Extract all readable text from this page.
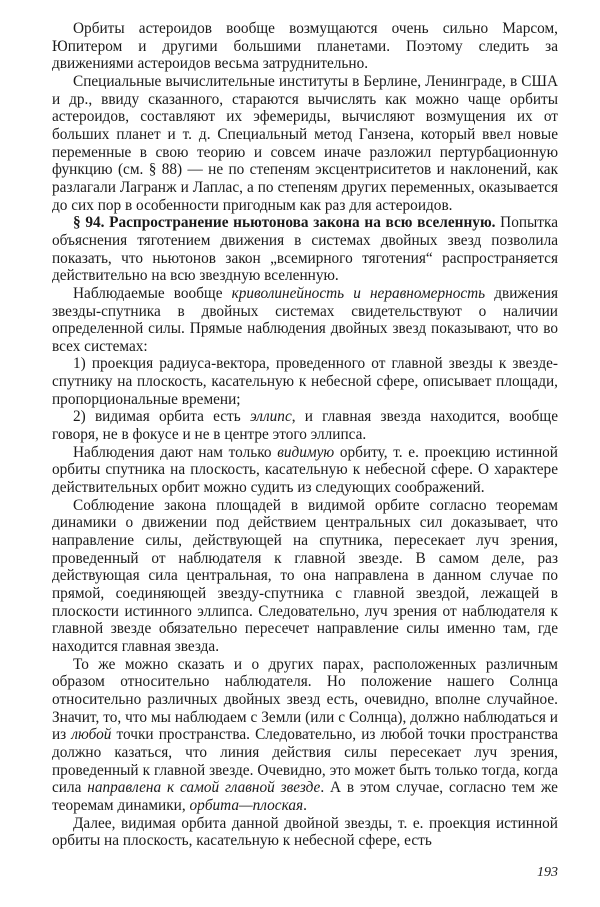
Орбиты астероидов вообще возмущаются очень сильно Марсом, Юпитером и другими большими планетами. Поэтому следить за движениями астероидов весьма затруднительно.

Специальные вычислительные институты в Берлине, Ленинграде, в США и др., ввиду сказанного, стараются вычислять как можно чаще орбиты астероидов, составляют их эфемериды, вычисляют возмущения их от больших планет и т. д. Специальный метод Ганзена, который ввел новые переменные в свою теорию и совсем иначе разложил пертурбационную функцию (см. § 88) — не по степеням эксцентриситетов и наклонений, как разлагали Лагранж и Лаплас, а по степеням других переменных, оказывается до сих пор в особенности пригодным как раз для астероидов.

§ 94. Распространение ньютонова закона на всю вселенную. Попытка объяснения тяготением движения в системах двойных звезд позволила показать, что ньютонов закон „всемирного тяготения“ распространяется действительно на всю звездную вселенную.

Наблюдаемые вообще криволинейность и неравномерность движения звезды-спутника в двойных системах свидетельствуют о наличии определенной силы. Прямые наблюдения двойных звезд показывают, что во всех системах:

1) проекция радиуса-вектора, проведенного от главной звезды к звезде-спутнику на плоскость, касательную к небесной сфере, описывает площади, пропорциональные времени;

2) видимая орбита есть эллипс, и главная звезда находится, вообще говоря, не в фокусе и не в центре этого эллипса.

Наблюдения дают нам только видимую орбиту, т. е. проекцию истинной орбиты спутника на плоскость, касательную к небесной сфере. О характере действительных орбит можно судить из следующих соображений.

Соблюдение закона площадей в видимой орбите согласно теоремам динамики о движении под действием центральных сил доказывает, что направление силы, действующей на спутника, пересекает луч зрения, проведенный от наблюдателя к главной звезде. В самом деле, раз действующая сила центральная, то она направлена в данном случае по прямой, соединяющей звезду-спутника с главной звездой, лежащей в плоскости истинного эллипса. Следовательно, луч зрения от наблюдателя к главной звезде обязательно пересечет направление силы именно там, где находится главная звезда.

То же можно сказать и о других парах, расположенных различным образом относительно наблюдателя. Но положение нашего Солнца относительно различных двойных звезд есть, очевидно, вполне случайное. Значит, то, что мы наблюдаем с Земли (или с Солнца), должно наблюдаться и из любой точки пространства. Следовательно, из любой точки пространства должно казаться, что линия действия силы пересекает луч зрения, проведенный к главной звезде. Очевидно, это может быть только тогда, когда сила направлена к самой главной звезде. А в этом случае, согласно тем же теоремам динамики, орбита—плоская.

Далее, видимая орбита данной двойной звезды, т. е. проекция истинной орбиты на плоскость, касательную к небесной сфере, есть

193
